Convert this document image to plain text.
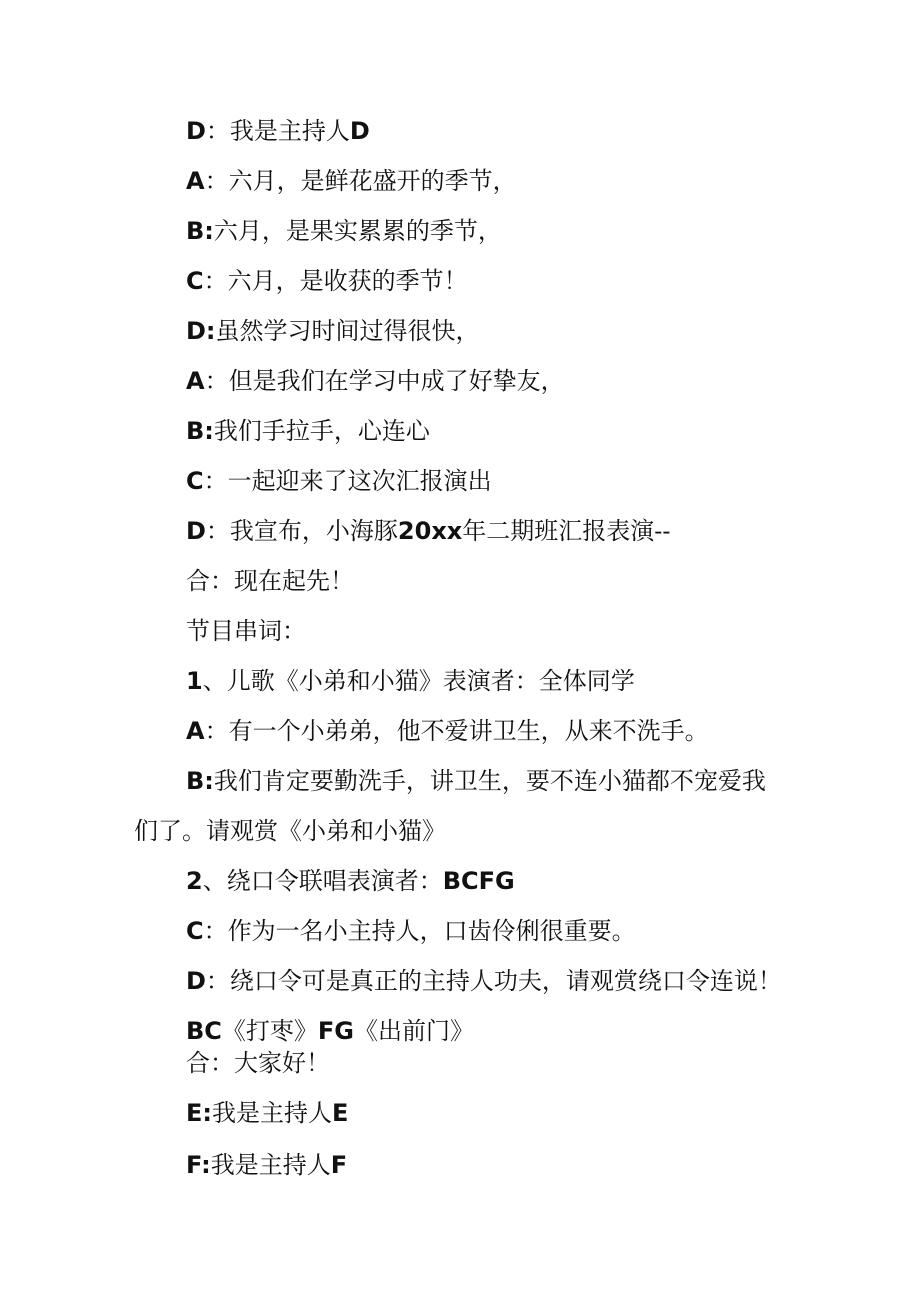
D：我是主持人D
A：六月，是鲜花盛开的季节，
B:六月，是果实累累的季节，
C：六月，是收获的季节！
D:虽然学习时间过得很快，
A：但是我们在学习中成了好挚友，
B:我们手拉手，心连心
C：一起迎来了这次汇报演出
D：我宣布，小海豚20xx年二期班汇报表演--
合：现在起先！
节目串词：
1、儿歌《小弟和小猫》表演者：全体同学
A：有一个小弟弟，他不爱讲卫生，从来不洗手。
B:我们肯定要勤洗手，讲卫生，要不连小猫都不宠爱我
们了。请观赏《小弟和小猫》
2、绕口令联唱表演者：BCFG
C：作为一名小主持人，口齿伶俐很重要。
D：绕口令可是真正的主持人功夫，请观赏绕口令连说！
BC《打枣》FG《出前门》
合：大家好！
E:我是主持人E
F:我是主持人F
